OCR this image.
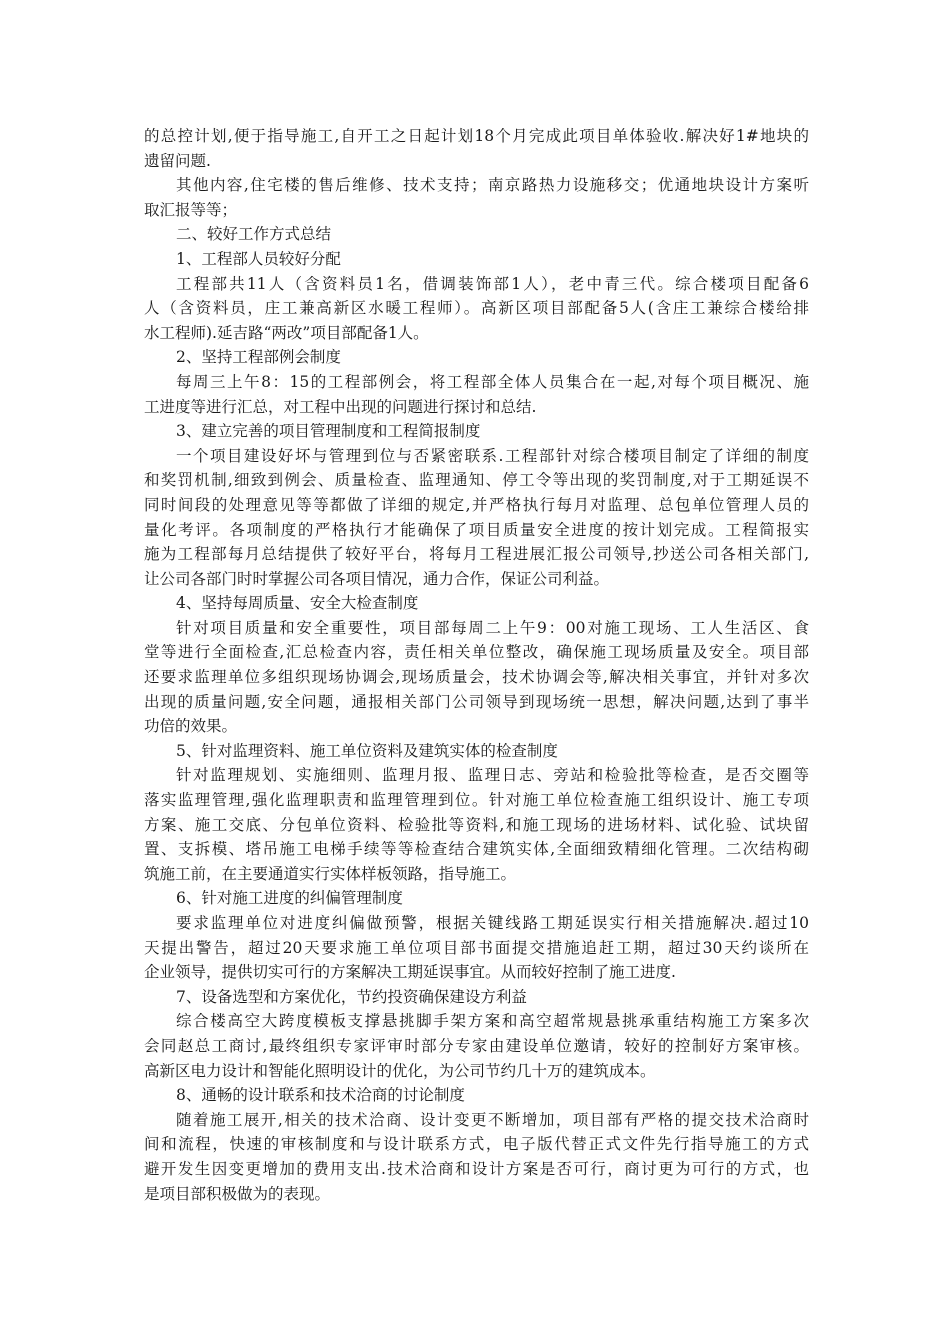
的总控计划,便于指导施工,自开工之日起计划18个月完成此项目单体验收.解决好1#地块的

遗留问题.

其他内容,住宅楼的售后维修、技术支持；南京路热力设施移交；优通地块设计方案听

取汇报等等；

二、较好工作方式总结

1、工程部人员较好分配

工程部共11人（含资料员1名，借调装饰部1人），老中青三代。综合楼项目配备6

人（含资料员，庄工兼高新区水暖工程师）。高新区项目部配备5人(含庄工兼综合楼给排

水工程师).延吉路“两改”项目部配备1人。

2、坚持工程部例会制度

每周三上午8：15的工程部例会，将工程部全体人员集合在一起,对每个项目概况、施

工进度等进行汇总，对工程中出现的问题进行探讨和总结.

3、建立完善的项目管理制度和工程简报制度

一个项目建设好坏与管理到位与否紧密联系.工程部针对综合楼项目制定了详细的制度

和奖罚机制,细致到例会、质量检查、监理通知、停工令等出现的奖罚制度,对于工期延误不

同时间段的处理意见等等都做了详细的规定,并严格执行每月对监理、总包单位管理人员的

量化考评。各项制度的严格执行才能确保了项目质量安全进度的按计划完成。工程简报实

施为工程部每月总结提供了较好平台，将每月工程进展汇报公司领导,抄送公司各相关部门,

让公司各部门时时掌握公司各项目情况，通力合作，保证公司利益。

4、坚持每周质量、安全大检查制度

针对项目质量和安全重要性，项目部每周二上午9：00对施工现场、工人生活区、食

堂等进行全面检查,汇总检查内容，责任相关单位整改，确保施工现场质量及安全。项目部

还要求监理单位多组织现场协调会,现场质量会，技术协调会等,解决相关事宜，并针对多次

出现的质量问题,安全问题，通报相关部门公司领导到现场统一思想，解决问题,达到了事半

功倍的效果。

5、针对监理资料、施工单位资料及建筑实体的检查制度

针对监理规划、实施细则、监理月报、监理日志、旁站和检验批等检查，是否交圈等

落实监理管理,强化监理职责和监理管理到位。针对施工单位检查施工组织设计、施工专项

方案、施工交底、分包单位资料、检验批等资料,和施工现场的进场材料、试化验、试块留

置、支拆模、塔吊施工电梯手续等等检查结合建筑实体,全面细致精细化管理。二次结构砌

筑施工前，在主要通道实行实体样板领路，指导施工。

6、针对施工进度的纠偏管理制度

要求监理单位对进度纠偏做预警，根据关键线路工期延误实行相关措施解决.超过10

天提出警告，超过20天要求施工单位项目部书面提交措施追赶工期，超过30天约谈所在

企业领导，提供切实可行的方案解决工期延误事宜。从而较好控制了施工进度.

7、设备选型和方案优化，节约投资确保建设方利益

综合楼高空大跨度模板支撑悬挑脚手架方案和高空超常规悬挑承重结构施工方案多次

会同赵总工商讨,最终组织专家评审时部分专家由建设单位邀请，较好的控制好方案审核。

高新区电力设计和智能化照明设计的优化，为公司节约几十万的建筑成本。

8、通畅的设计联系和技术洽商的讨论制度

随着施工展开,相关的技术洽商、设计变更不断增加，项目部有严格的提交技术洽商时

间和流程，快速的审核制度和与设计联系方式，电子版代替正式文件先行指导施工的方式

避开发生因变更增加的费用支出.技术洽商和设计方案是否可行，商讨更为可行的方式，也

是项目部积极做为的表现。
